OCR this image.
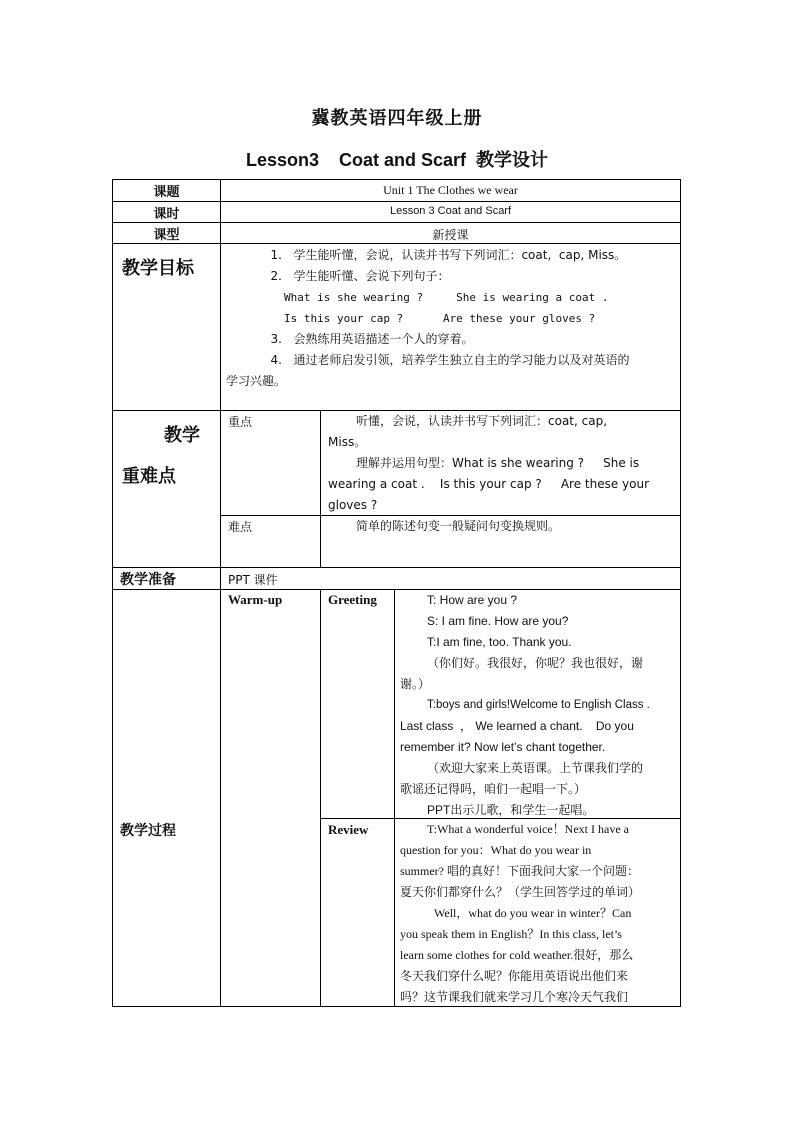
冀教英语四年级上册
Lesson3    Coat and Scarf 教学设计
课题	Unit 1 The Clothes we wear
课时	Lesson 3 Coat and Scarf
课型	新授课
教学目标
1. 学生能听懂，会说，认读并书写下列词汇：coat,  cap, Miss。
2. 学生能听懂、会说下列句子：
What is she wearing ?     She is wearing a coat .
Is this your cap ?      Are these your gloves ?
3. 会熟练用英语描述一个人的穿着。
4. 通过老师启发引领，培养学生独立自主的学习能力以及对英语的
学习兴趣。
教学
重难点
重点	听懂，会说，认读并书写下列词汇：coat, cap,
Miss。
理解并运用句型：What is she wearing ?     She is
wearing a coat .    Is this your cap ?     Are these your
gloves ?
难点	简单的陈述句变一般疑问句变换规则。
教学准备	PPT 课件
教学过程
Warm-up	Greeting	T: How are you ?
S: I am fine. How are you?
T:I am fine, too. Thank you.
（你们好。我很好，你呢？我也很好，谢
谢。）
T:boys and girls!Welcome to English Class .
Last class  ， We learned a chant.    Do you
remember it? Now let’s chant together.
（欢迎大家来上英语课。上节课我们学的
歌谣还记得吗，咱们一起唱一下。）
PPT出示儿歌，和学生一起唱。
Review	T:What a wonderful voice！Next I have a
question for you：What do you wear in
summer? 唱的真好！下面我问大家一个问题：
夏天你们都穿什么？（学生回答学过的单词）
Well，what do you wear in winter？Can
you speak them in English？In this class, let’s
learn some clothes for cold weather.很好，那么
冬天我们穿什么呢？你能用英语说出他们来
吗？这节课我们就来学习几个寒冷天气我们
